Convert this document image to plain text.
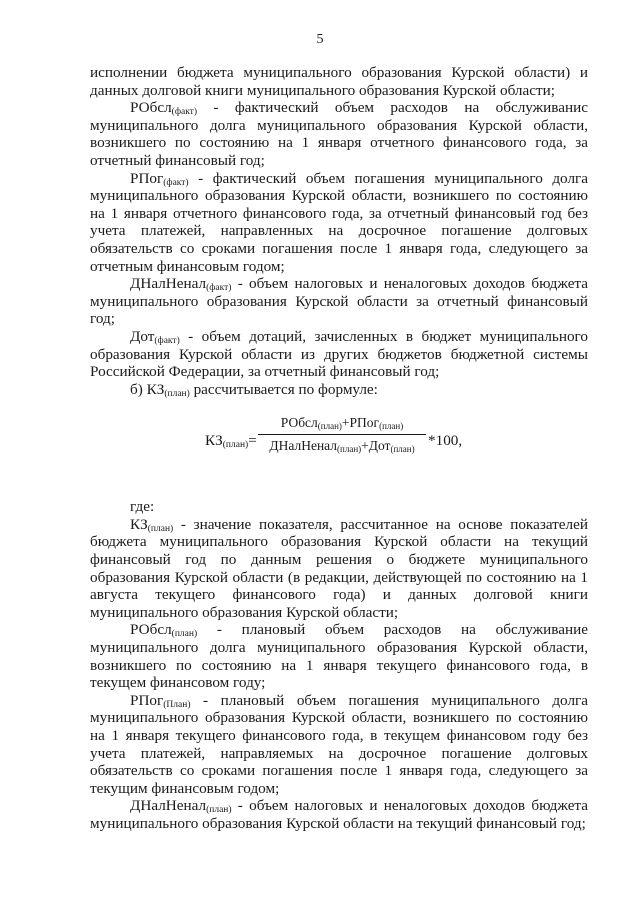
5

исполнении бюджета муниципального образования Курской области) и данных долговой книги муниципального образования Курской области;

РОбсл$_{(факт)}$ - фактический объем расходов на обслуживанис муниципального долга муниципального образования Курской области, возникшего по состоянию на 1 января отчетного финансового года, за отчетный финансовый год;

РПог$_{(факт)}$ - фактический объем погашения муниципального долга муниципального образования Курской области, возникшего по состоянию на 1 января отчетного финансового года, за отчетный финансовый год без учета платежей, направленных на досрочное погашение долговых обязательств со сроками погашения после 1 января года, следующего за отчетным финансовым годом;

ДНалНенал$_{(факт)}$ - объем налоговых и неналоговых доходов бюджета муниципального образования Курской области за отчетный финансовый год;

Дот$_{(факт)}$ - объем дотаций, зачисленных в бюджет муниципального образования Курской области из других бюджетов бюджетной системы Российской Федерации, за отчетный финансовый год;

б) $КЗ_{(план)}$ рассчитывается по формуле:

$КЗ_{(план)}=$
РОбсл$_{(план)}$+РПог$_{(план)}$
ДНалНенал$_{(план)}$+Дот$_{(план)}$ *100,

где:

$КЗ_{(план)}$ - значение показателя, рассчитанное на основе показателей бюджета муниципального образования Курской области на текущий финансовый год по данным решения о бюджете муниципального образования Курской области (в редакции, действующей по состоянию на 1 августа текущего финансового года) и данных долговой книги муниципального образования Курской области;

РОбсл$_{(план)}$ - плановый объем расходов на обслуживание муниципального долга муниципального образования Курской области, возникшего по состоянию на 1 января текущего финансового года, в текущем финансовом году;

РПог$_{(План)}$ - плановый объем погашения муниципального долга муниципального образования Курской области, возникшего по состоянию на 1 января текущего финансового года, в текущем финансовом году без учета платежей, направляемых на досрочное погашение долговых обязательств со сроками погашения после 1 января года, следующего за текущим финансовым годом;

ДНалНенал$_{(план)}$ - объем налоговых и неналоговых доходов бюджета муниципального образования Курской области на текущий финансовый год;
